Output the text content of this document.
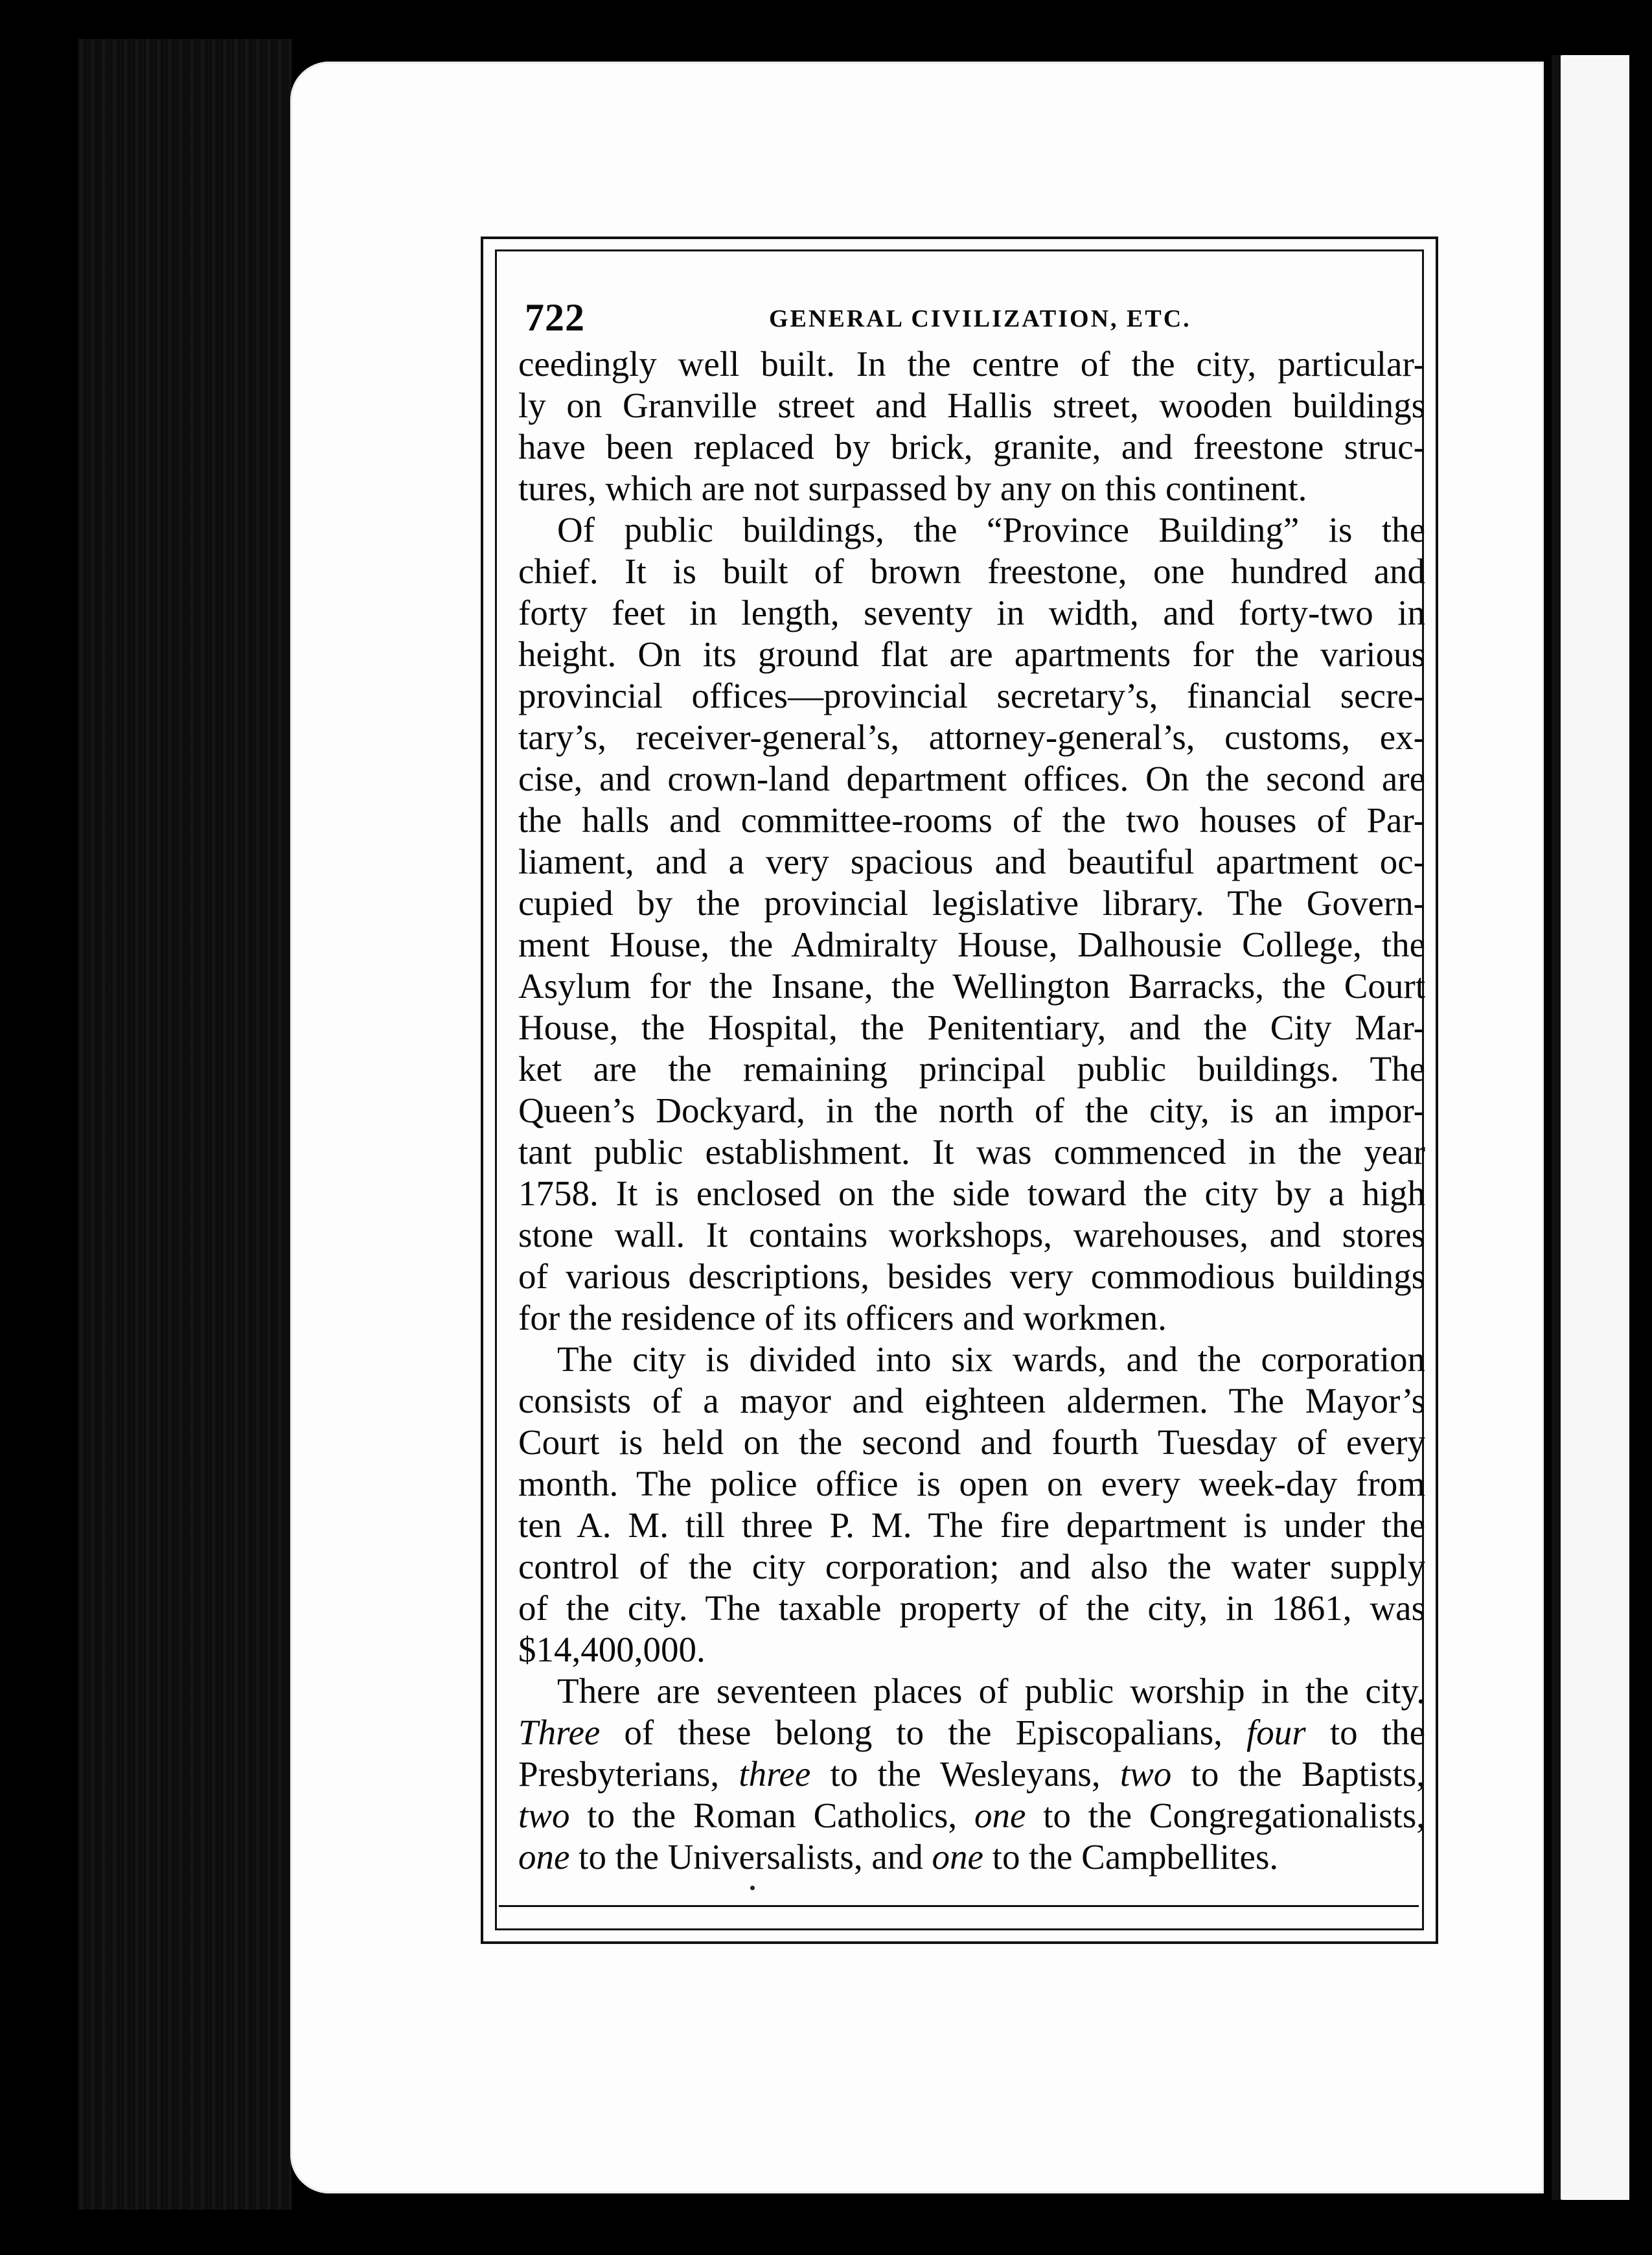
722	GENERAL CIVILIZATION, ETC.
ceedingly well built. In the centre of the city, particular-
ly on Granville street and Hallis street, wooden buildings
have been replaced by brick, granite, and freestone struc-
tures, which are not surpassed by any on this continent.
Of public buildings, the “Province Building” is the
chief. It is built of brown freestone, one hundred and
forty feet in length, seventy in width, and forty-two in
height. On its ground flat are apartments for the various
provincial offices—provincial secretary’s, financial secre-
tary’s, receiver-general’s, attorney-general’s, customs, ex-
cise, and crown-land department offices. On the second are
the halls and committee-rooms of the two houses of Par-
liament, and a very spacious and beautiful apartment oc-
cupied by the provincial legislative library. The Govern-
ment House, the Admiralty House, Dalhousie College, the
Asylum for the Insane, the Wellington Barracks, the Court
House, the Hospital, the Penitentiary, and the City Mar-
ket are the remaining principal public buildings. The
Queen’s Dockyard, in the north of the city, is an impor-
tant public establishment. It was commenced in the year
1758. It is enclosed on the side toward the city by a high
stone wall. It contains workshops, warehouses, and stores
of various descriptions, besides very commodious buildings
for the residence of its officers and workmen.
The city is divided into six wards, and the corporation
consists of a mayor and eighteen aldermen. The Mayor’s
Court is held on the second and fourth Tuesday of every
month. The police office is open on every week-day from
ten A. M. till three P. M. The fire department is under the
control of the city corporation; and also the water supply
of the city. The taxable property of the city, in 1861, was
$14,400,000.
There are seventeen places of public worship in the city.
Three of these belong to the Episcopalians, four to the
Presbyterians, three to the Wesleyans, two to the Baptists,
two to the Roman Catholics, one to the Congregationalists,
one to the Universalists, and one to the Campbellites.
